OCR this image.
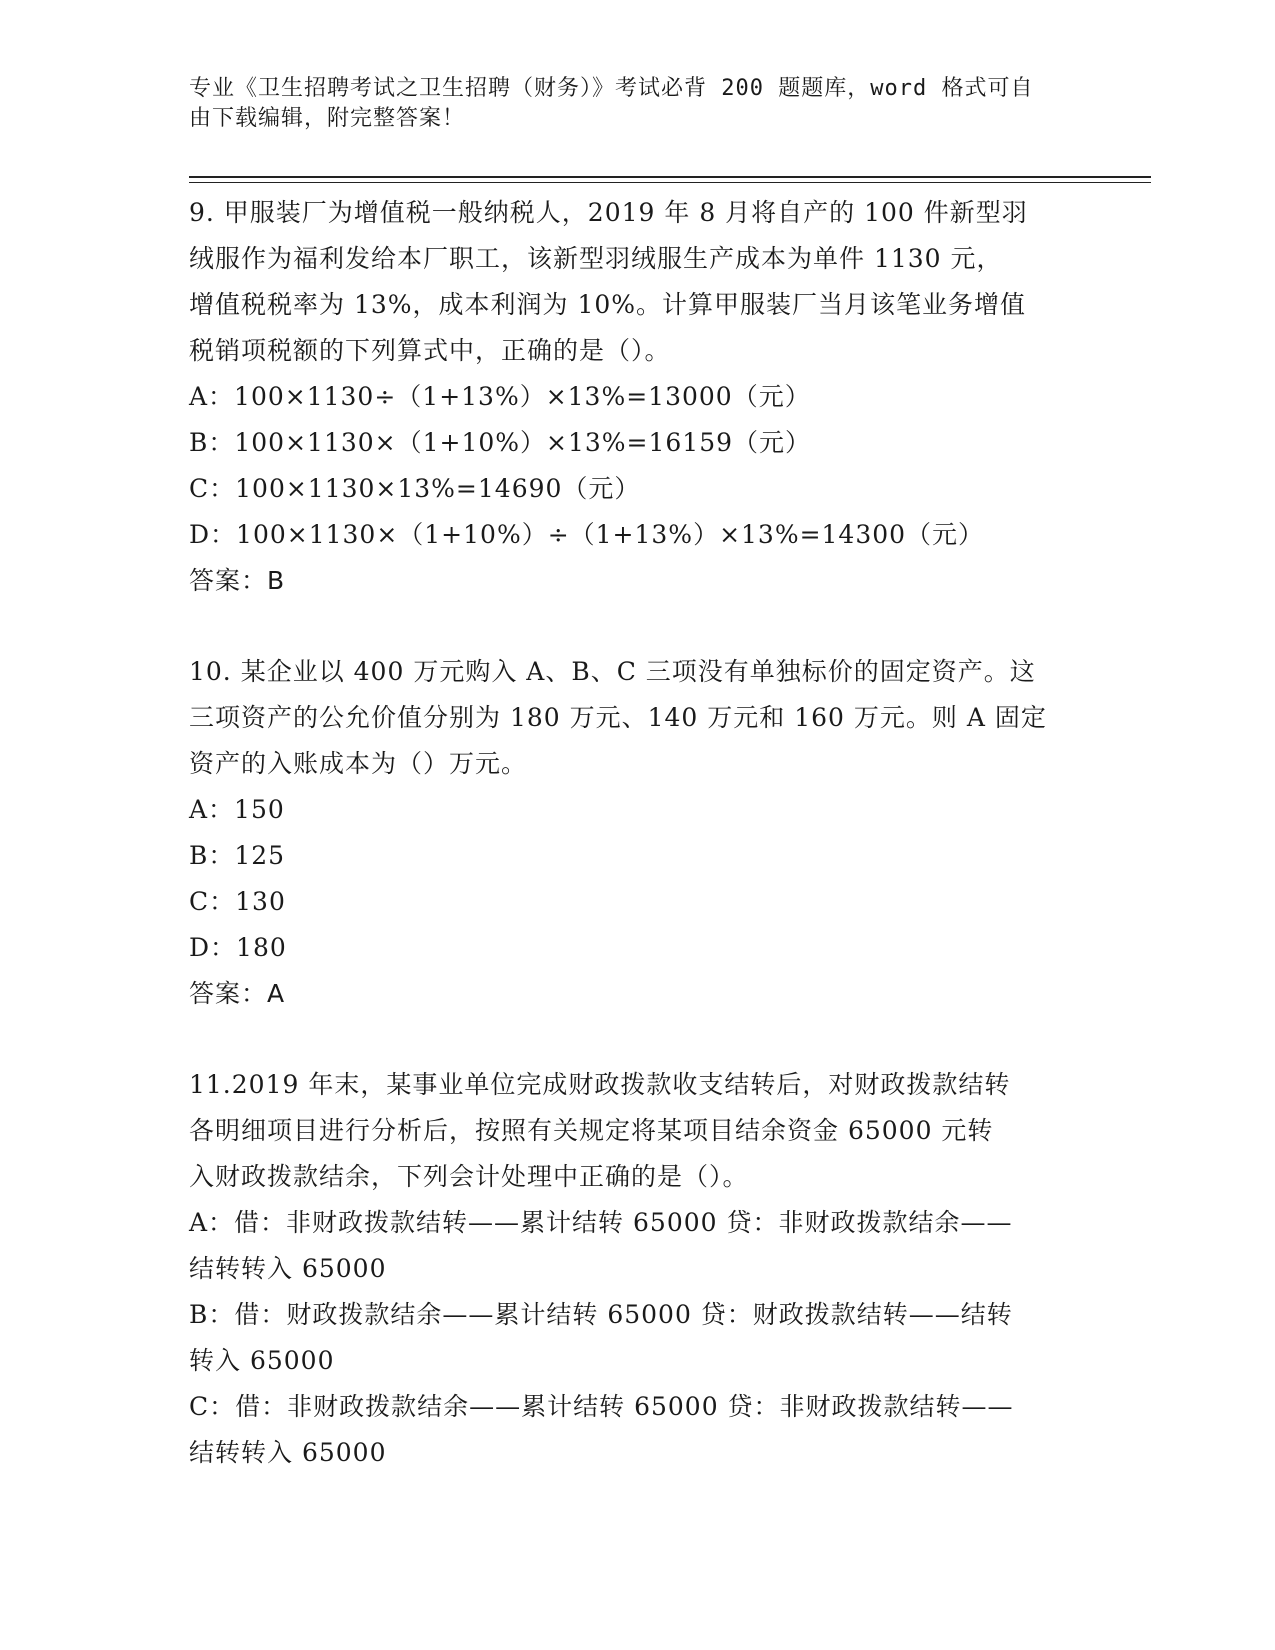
专业《卫生招聘考试之卫生招聘（财务）》考试必背 200 题题库，word 格式可自
由下载编辑，附完整答案！
9. 甲服装厂为增值税一般纳税人，2019 年 8 月将自产的 100 件新型羽
绒服作为福利发给本厂职工，该新型羽绒服生产成本为单件 1130 元，
增值税税率为 13%，成本利润为 10%。计算甲服装厂当月该笔业务增值
税销项税额的下列算式中，正确的是（）。
A：100×1130÷（1+13%）×13%=13000（元）
B：100×1130×（1+10%）×13%=16159（元）
C：100×1130×13%=14690（元）
D：100×1130×（1+10%）÷（1+13%）×13%=14300（元）
答案：B
10. 某企业以 400 万元购入 A、B、C 三项没有单独标价的固定资产。这
三项资产的公允价值分别为 180 万元、140 万元和 160 万元。则 A 固定
资产的入账成本为（）万元。
A：150
B：125
C：130
D：180
答案：A
11.2019 年末，某事业单位完成财政拨款收支结转后，对财政拨款结转
各明细项目进行分析后，按照有关规定将某项目结余资金 65000 元转
入财政拨款结余，下列会计处理中正确的是（）。
A：借：非财政拨款结转——累计结转 65000 贷：非财政拨款结余——
结转转入 65000
B：借：财政拨款结余——累计结转 65000 贷：财政拨款结转——结转
转入 65000
C：借：非财政拨款结余——累计结转 65000 贷：非财政拨款结转——
结转转入 65000
